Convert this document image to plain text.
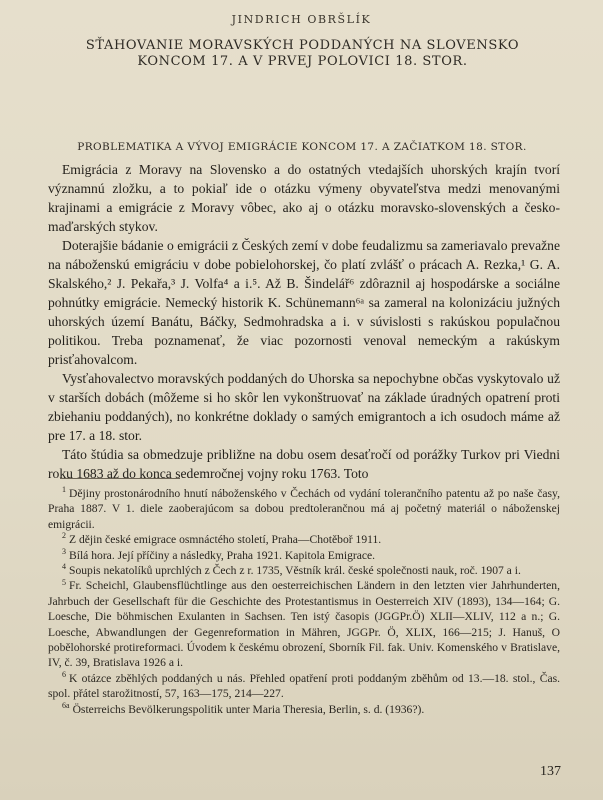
JINDRICH OBRŠLÍK
SŤAHOVANIE MORAVSKÝCH PODDANÝCH NA SLOVENSKO
KONCOM 17. A V PRVEJ POLOVICI 18. STOR.
PROBLEMATIKA A VÝVOJ EMIGRÁCIE KONCOM 17. A ZAČIATKOM 18. STOR.

Emigrácia z Moravy na Slovensko a do ostatných vtedajších uhorských krajín tvorí významnú zložku, a to pokiaľ ide o otázku výmeny obyvateľstva medzi menovanými krajinami a emigrácie z Moravy vôbec, ako aj o otázku moravsko-slovenských a česko-maďarských stykov.

Doterajšie bádanie o emigrácii z Českých zemí v dobe feudalizmu sa zameriavalo prevažne na náboženskú emigráciu v dobe pobielohorskej, čo platí zvlášť o prácach A. Rezka,¹ G. A. Skalského,² J. Pekařa,³ J. Volfa⁴ a i.⁵. Až B. Šindelář⁶ zdôraznil aj hospodárske a sociálne pohnútky emigrácie. Nemecký historik K. Schünemann⁶ᵃ sa zameral na kolonizáciu južných uhorských území Banátu, Báčky, Sedmohradska a i. v súvislosti s rakúskou populačnou politikou. Treba poznamenať, že viac pozornosti venoval nemeckým a rakúskym prisťahovalcom.

Vysťahovalectvo moravských poddaných do Uhorska sa nepochybne občas vyskytovalo už v starších dobách (môžeme si ho skôr len vykonštruovať na základe úradných opatrení proti zbiehaniu poddaných), no konkrétne doklady o samých emigrantoch a ich osudoch máme až pre 17. a 18. stor.

Táto štúdia sa obmedzuje približne na dobu osem desaťročí od porážky Turkov pri Viedni roku 1683 až do konca sedemročnej vojny roku 1763. Toto

$^1$ Dějiny prostonárodního hnutí náboženského v Čechách od vydání tolerančního patentu až po naše časy, Praha 1887. V 1. diele zaoberajúcom sa dobou predtolerančnou má aj početný materiál o náboženskej emigrácii.

$^2$ Z dějin české emigrace osmnáctého století, Praha—Chotěboř 1911.

$^3$ Bílá hora. Její příčiny a následky, Praha 1921. Kapitola Emigrace.

$^4$ Soupis nekatolíků uprchlých z Čech z r. 1735, Věstník král. české společnosti nauk, roč. 1907 a i.

$^5$ Fr. Scheichl, Glaubensflüchtlinge aus den oesterreichischen Ländern in den letzten vier Jahrhunderten, Jahrbuch der Gesellschaft für die Geschichte des Protestantismus in Oesterreich XIV (1893), 134—164; G. Loesche, Die böhmischen Exulanten in Sachsen. Ten istý časopis (JGGPr.Ö) XLII—XLIV, 112 a n.; G. Loesche, Abwandlungen der Gegenreformation in Mähren, JGGPr. Ö, XLIX, 166—215; J. Hanuš, O pobělohorské protireformaci. Úvodem k českému obrození, Sborník Fil. fak. Univ. Komenského v Bratislave, IV, č. 39, Bratislava 1926 a i.

$^6$ K otázce zběhlých poddaných u nás. Přehled opatření proti poddaným zběhům od 13.—18. stol., Čas. spol. přátel starožitností, 57, 163—175, 214—227.

$^{6a}$ Österreichs Bevölkerungspolitik unter Maria Theresia, Berlin, s. d. (1936?).

137
